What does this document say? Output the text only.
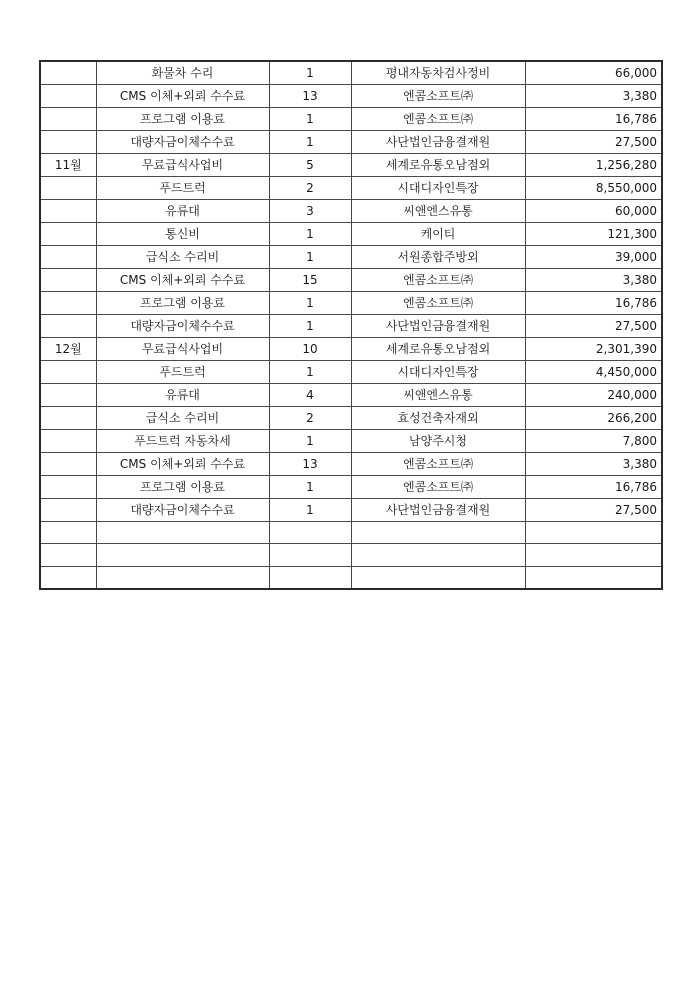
	화물차 수리	1	평내자동차검사정비	66,000
	CMS 이체+외뢰 수수료	13	엔콤소프트㈜	3,380
	프로그램 이용료	1	엔콤소프트㈜	16,786
	대량자금이체수수료	1	사단법인금융결재원	27,500
11월	무료급식사업비	5	세계로유통오남점외	1,256,280
	푸드트럭	2	시대디자인특장	8,550,000
	유류대	3	씨앤엔스유통	60,000
	통신비	1	케이티	121,300
	급식소 수리비	1	서원종합주방외	39,000
	CMS 이체+외뢰 수수료	15	엔콤소프트㈜	3,380
	프로그램 이용료	1	엔콤소프트㈜	16,786
	대량자금이체수수료	1	사단법인금융결재원	27,500
12월	무료급식사업비	10	세계로유통오남점외	2,301,390
	푸드트럭	1	시대디자인특장	4,450,000
	유류대	4	씨앤엔스유통	240,000
	급식소 수리비	2	효성건축자재외	266,200
	푸드트럭 자동차세	1	남양주시청	7,800
	CMS 이체+외뢰 수수료	13	엔콤소프트㈜	3,380
	프로그램 이용료	1	엔콤소프트㈜	16,786
	대량자금이체수수료	1	사단법인금융결재원	27,500
